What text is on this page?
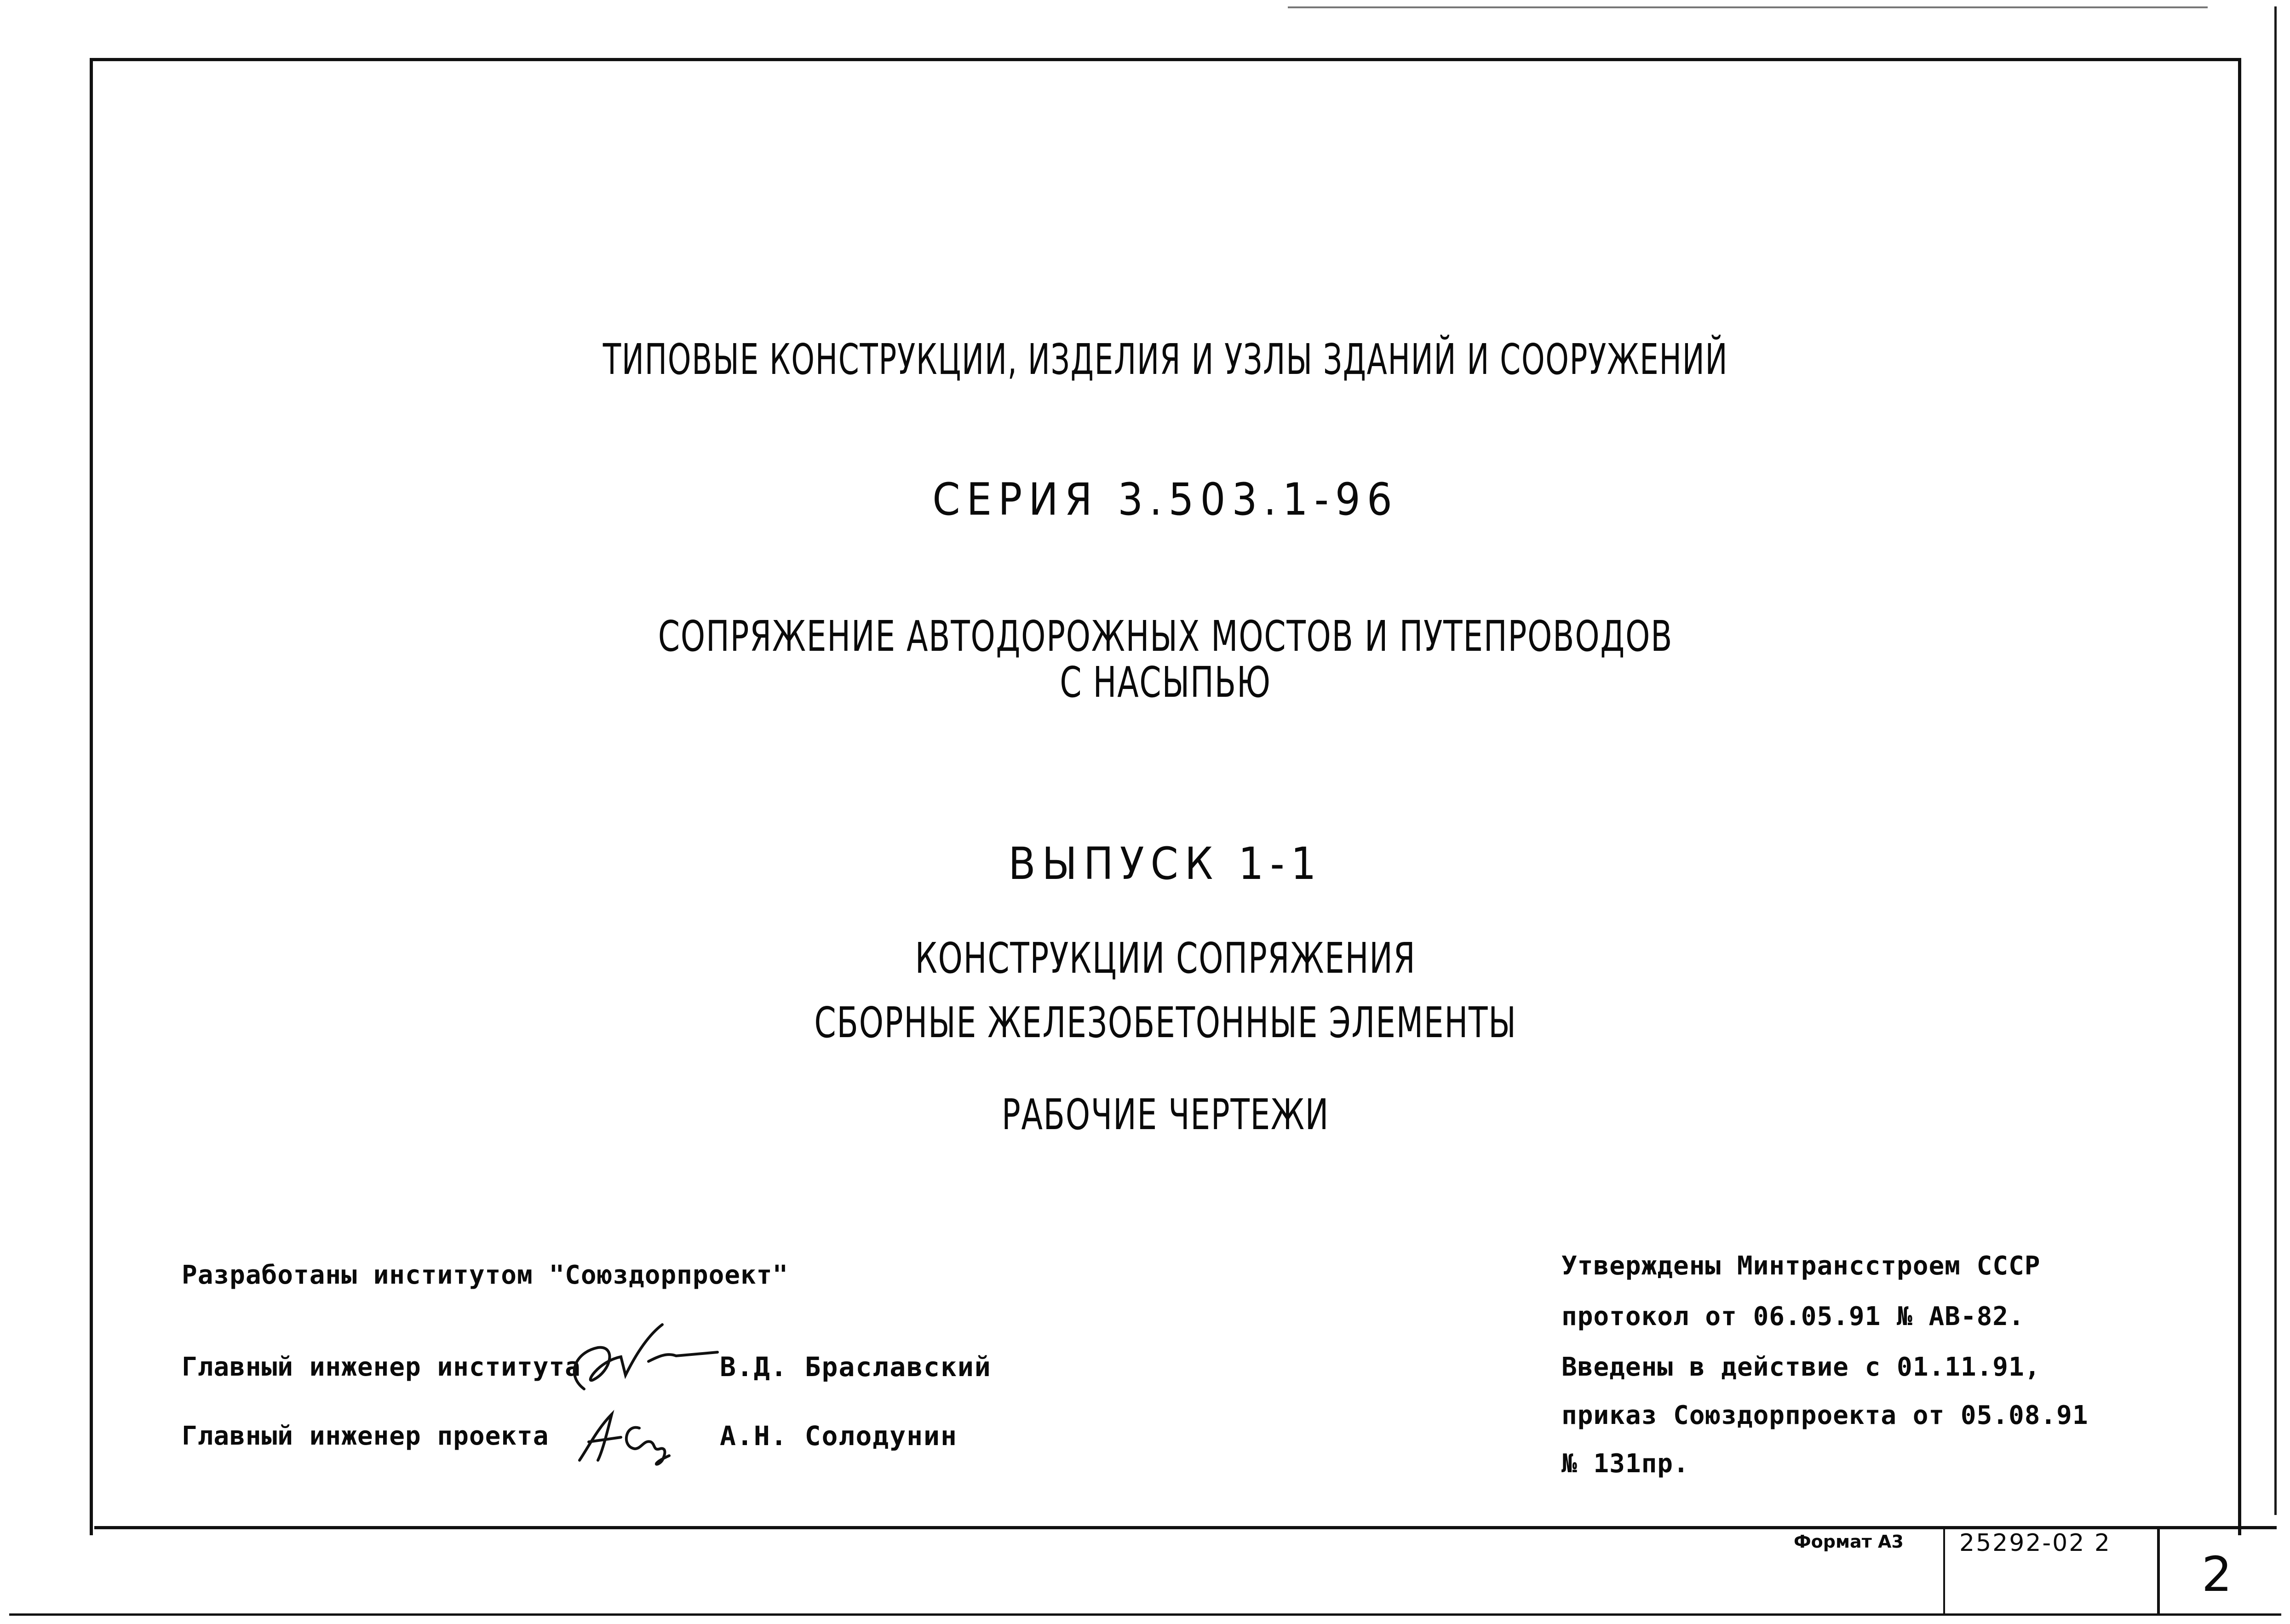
ТИПОВЫЕ КОНСТРУКЦИИ, ИЗДЕЛИЯ И УЗЛЫ ЗДАНИЙ И СООРУЖЕНИЙ
СЕРИЯ 3.503.1-96
СОПРЯЖЕНИЕ АВТОДОРОЖНЫХ МОСТОВ И ПУТЕПРОВОДОВ
С НАСЫПЬЮ
ВЫПУСК 1-1
КОНСТРУКЦИИ СОПРЯЖЕНИЯ
СБОРНЫЕ ЖЕЛЕЗОБЕТОННЫЕ ЭЛЕМЕНТЫ
РАБОЧИЕ ЧЕРТЕЖИ
Разработаны институтом "Союздорпроект"
Главный инженер института
Главный инженер проекта
В.Д. Браславский
А.Н. Солодунин
Утверждены Минтрансстроем СССР
протокол от 06.05.91 № АВ-82.
Введены в действие с 01.11.91,
приказ Союздорпроекта от 05.08.91
№ 131пр.
Формат А3 25292-02 2
2
